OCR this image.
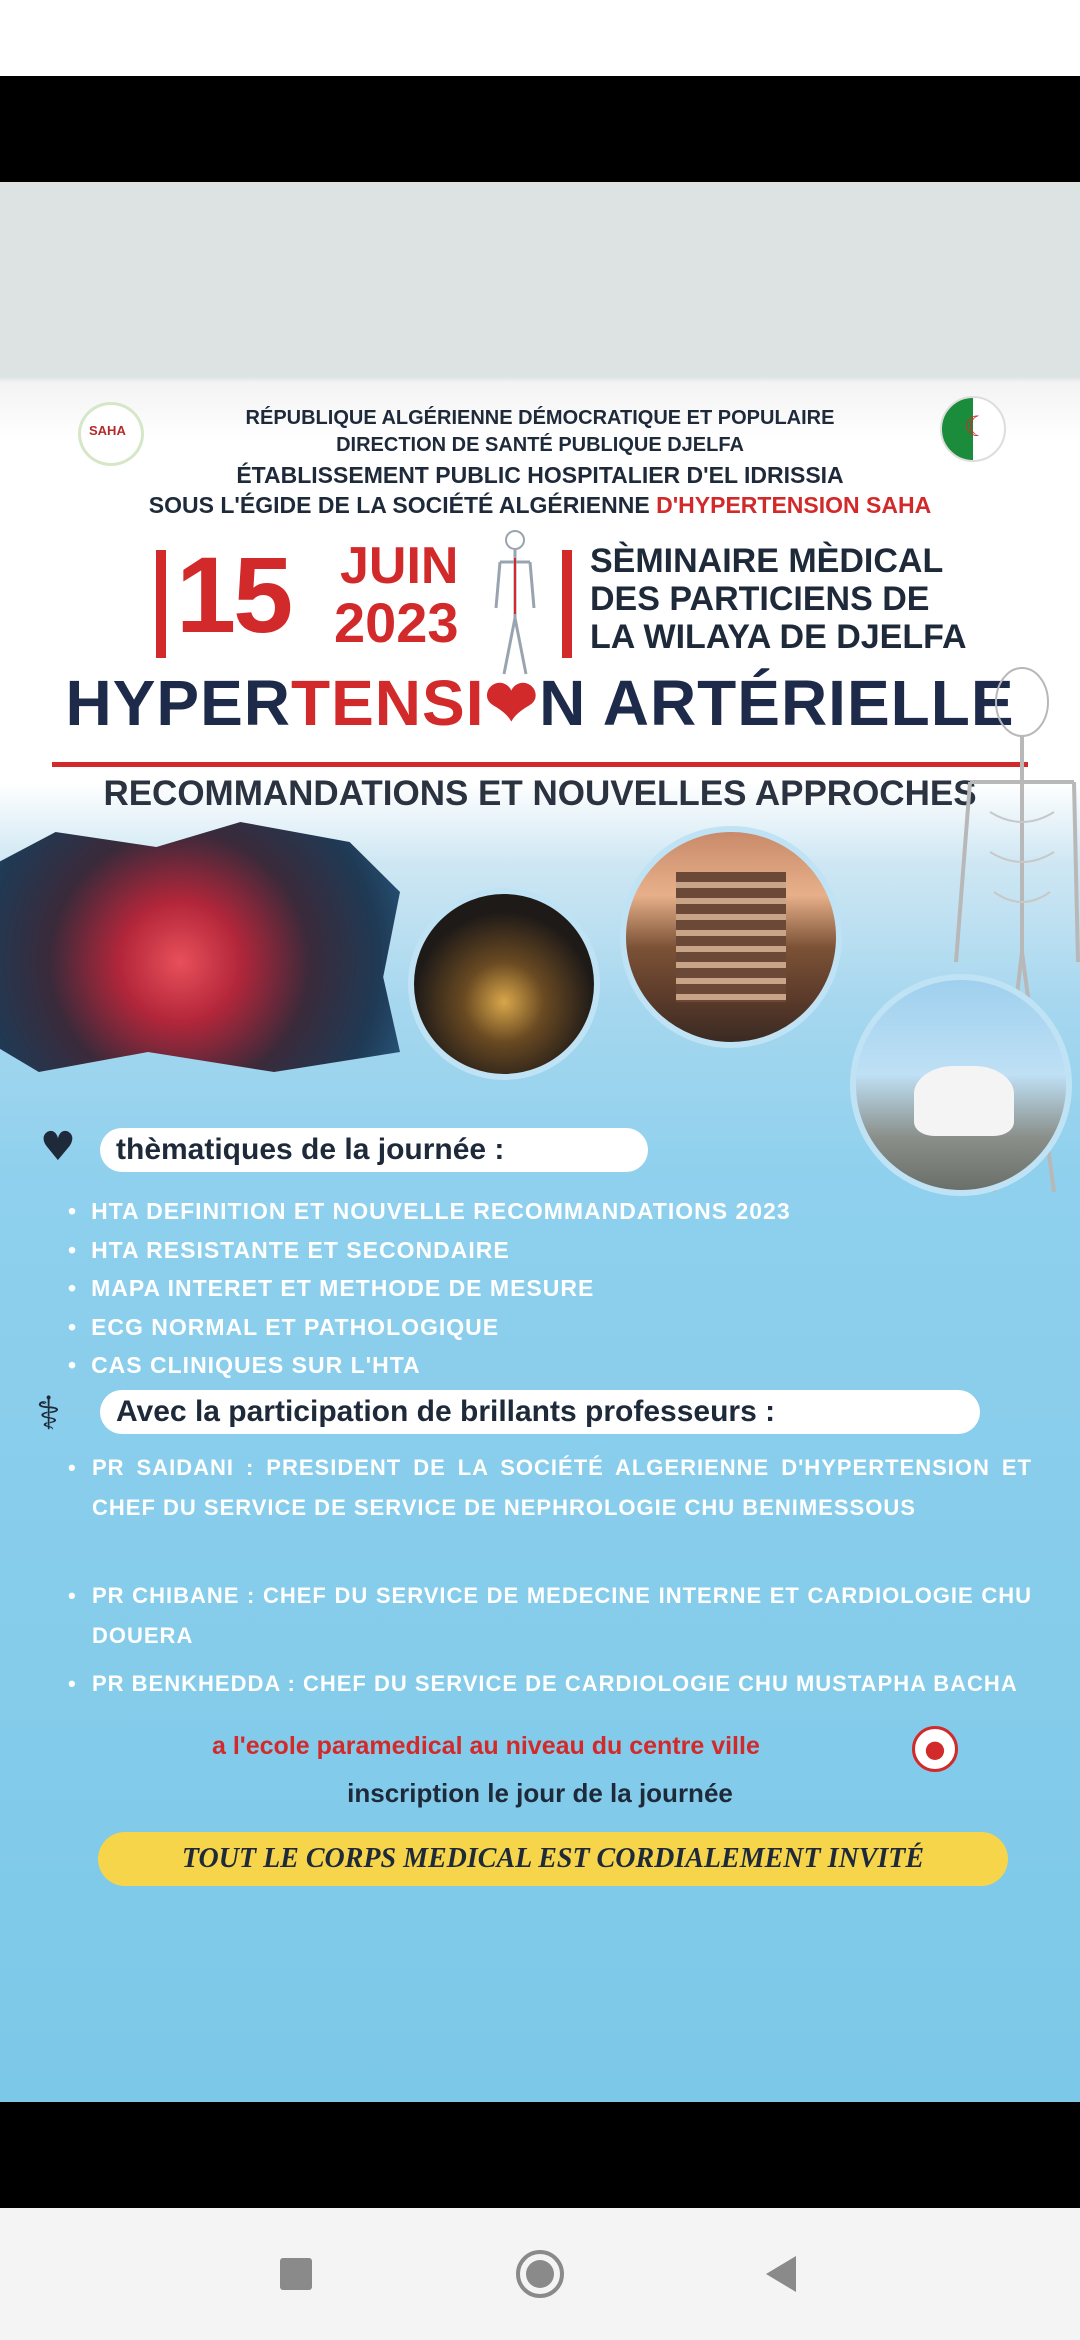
SAHA
☾
RÉPUBLIQUE ALGÉRIENNE DÉMOCRATIQUE ET POPULAIRE
DIRECTION DE SANTÉ PUBLIQUE DJELFA
ÉTABLISSEMENT PUBLIC HOSPITALIER D'EL IDRISSIA
SOUS L'ÉGIDE DE LA SOCIÉTÉ ALGÉRIENNE D'HYPERTENSION SAHA
15 JUIN
2023
SÈMINAIRE MÈDICAL
DES PARTICIENS DE
LA WILAYA DE DJELFA
HYPERTENSI❤N ARTÉRIELLE
RECOMMANDATIONS ET NOUVELLES APPROCHES
♥	thèmatiques de la journée :
• HTA DEFINITION ET NOUVELLE RECOMMANDATIONS 2023
• HTA RESISTANTE ET SECONDAIRE
• MAPA INTERET ET METHODE DE MESURE
• ECG NORMAL ET PATHOLOGIQUE
• CAS CLINIQUES SUR L'HTA
⚕	Avec la participation de brillants professeurs :
• PR SAIDANI : PRESIDENT DE LA SOCIÉTÉ ALGERIENNE D'HYPERTENSION ET CHEF DU SERVICE DE SERVICE DE NEPHROLOGIE CHU BENIMESSOUS
• PR CHIBANE : CHEF DU SERVICE DE MEDECINE INTERNE ET CARDIOLOGIE CHU DOUERA
• PR BENKHEDDA : CHEF DU SERVICE DE CARDIOLOGIE CHU MUSTAPHA BACHA
a l'ecole paramedical au niveau du centre ville	●
inscription le jour de la journée
TOUT LE CORPS MEDICAL EST CORDIALEMENT INVITÉ
